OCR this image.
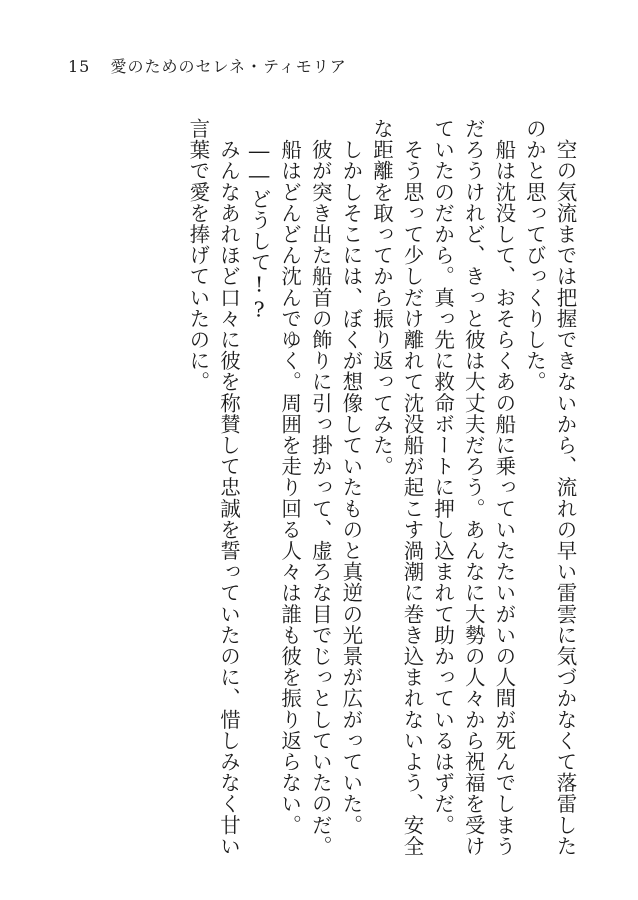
15 愛のためのセレネ・ティモリア

　空の気流までは把握できないから、流れの早い雷雲に気づかなくて落雷したのかと思ってびっくりした。

　船は沈没して、おそらくあの船に乗っていたたいがいの人間が死んでしまうだろうけれど、きっと彼は大丈夫だろう。あんなに大勢の人々から祝福を受けていたのだから。真っ先に救命ボートに押し込まれて助かっているはずだ。

　そう思って少しだけ離れて沈没船が起こす渦潮に巻き込まれないよう、安全な距離を取ってから振り返ってみた。

　しかしそこには、ぼくが想像していたものと真逆の光景が広がっていた。

　彼が突き出た船首の飾りに引っ掛かって、虚ろな目でじっとしていたのだ。

　船はどんどん沈んでゆく。周囲を走り回る人々は誰も彼を振り返らない。

　――どうして!?

　みんなあれほど口々に彼を称賛して忠誠を誓っていたのに、惜しみなく甘い言葉で愛を捧げていたのに。
